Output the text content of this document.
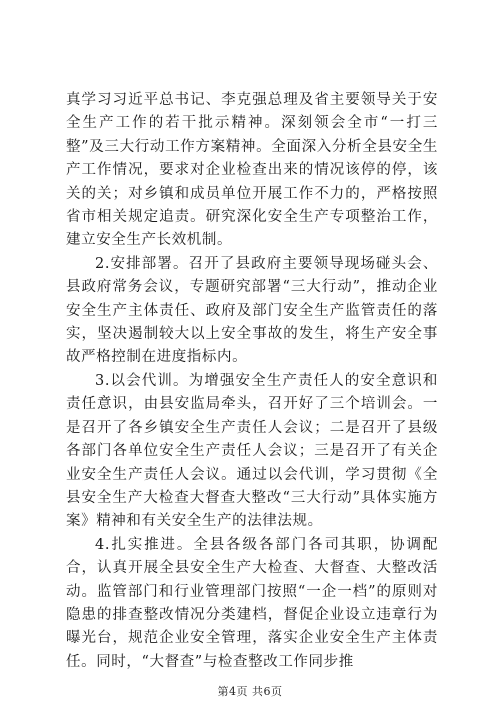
真学习习近平总书记、李克强总理及省主要领导关于安全生产工作的若干批示精神。深刻领会全市“一打三整”及三大行动工作方案精神。全面深入分析全县安全生产工作情况，要求对企业检查出来的情况该停的停，该关的关；对乡镇和成员单位开展工作不力的，严格按照省市相关规定追责。研究深化安全生产专项整治工作，建立安全生产长效机制。

2.安排部署。召开了县政府主要领导现场碰头会、县政府常务会议，专题研究部署“三大行动”，推动企业安全生产主体责任、政府及部门安全生产监管责任的落实，坚决遏制较大以上安全事故的发生，将生产安全事故严格控制在进度指标内。

3.以会代训。为增强安全生产责任人的安全意识和责任意识，由县安监局牵头，召开好了三个培训会。一是召开了各乡镇安全生产责任人会议；二是召开了县级各部门各单位安全生产责任人会议；三是召开了有关企业安全生产责任人会议。通过以会代训，学习贯彻《全县安全生产大检查大督查大整改“三大行动”具体实施方案》精神和有关安全生产的法律法规。

4.扎实推进。全县各级各部门各司其职，协调配合，认真开展全县安全生产大检查、大督查、大整改活动。监管部门和行业管理部门按照“一企一档”的原则对隐患的排查整改情况分类建档，督促企业设立违章行为曝光台，规范企业安全管理，落实企业安全生产主体责任。同时，“大督查”与检查整改工作同步推

第4页 共6页
